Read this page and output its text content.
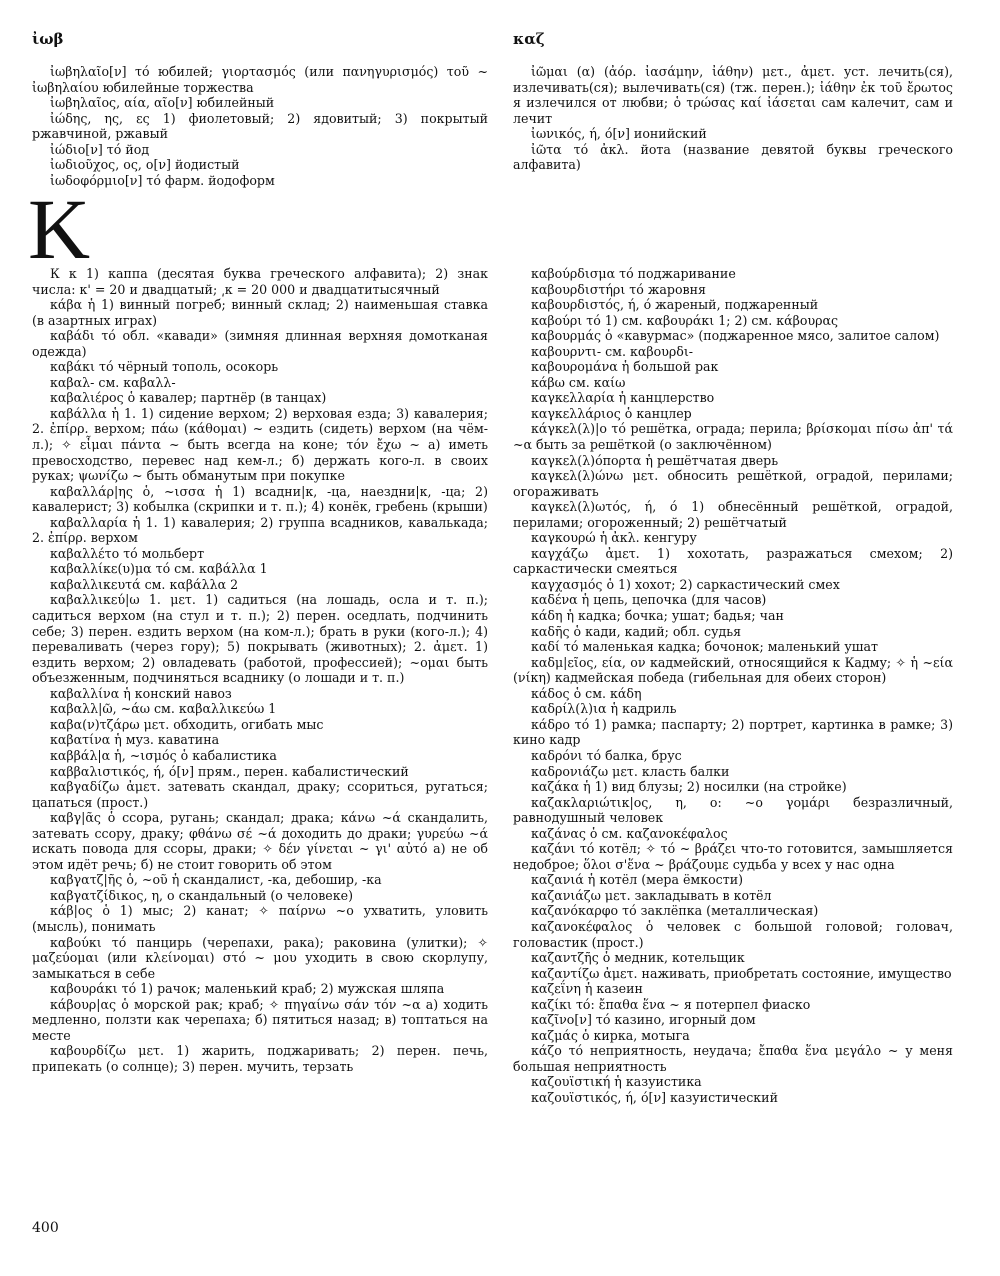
ἰωβ	καζ

ἰωβηλαῖο[ν] τό юбилей; γιορτασμός (или πανηγυρισμός) τοῦ ~ ἰωβηλαίου юбилейные торжества

ἰωβηλαῖος, αία, αῖο[ν] юбилейный

ἰώδης, ης, ες 1) фиолетовый; 2) ядовитый; 3) покрытый ржавчиной, ржавый

ἰώδιο[ν] τό йод

ἰωδιοῦχος, ος, ο[ν] йодистый

ἰωδοφόρμιο[ν] τό фарм. йодоформ

ἰῶμαι (α) (ἀόρ. ἰασάμην, ἰάθην) μετ., ἀμετ. уст. лечить(ся), излечивать(ся); вылечивать(ся) (тж. перен.); ἰάθην ἐκ τοῦ ἔρωτος я излечился от любви; ὁ τρώσας καί ἰάσεται сам калечит, сам и лечит

ἰωνικός, ή, ό[ν] ионийский

ἰῶτα τό ἀκλ. йота (название девятой буквы греческого алфавита)

K

К к 1) каппа (десятая буква греческого алфавита); 2) знак числа: κ' = 20 и двадцатый; ͵κ = 20 000 и двадцатитысячный

κάβα ἡ 1) винный погреб; винный склад; 2) наименьшая ставка (в азартных играх)

καβάδι τό обл. «кавади» (зимняя длинная верхняя домотканая одежда)

καβάκι τό чёрный тополь, осокорь

καβαλ- см. καβαλλ-

καβαλιέρος ὁ кавалер; партнёр (в танцах)

καβάλλα ἡ 1. 1) сидение верхом; 2) верховая езда; 3) кавалерия; 2. ἐπίρρ. верхом; πάω (κάθομαι) ~ ездить (сидеть) верхом (на чём-л.); ✧ εἶμαι πάντα ~ быть всегда на коне; τόν ἔχω ~ а) иметь превосходство, перевес над кем-л.; б) держать кого-л. в своих руках; ψωνίζω ~ быть обманутым при покупке

καβαλλάρ|ης ὁ, ~ισσα ἡ 1) всадни|к, -ца, наездни|к, -ца; 2) кавалерист; 3) кобылка (скрипки и т. п.); 4) конёк, гребень (крыши)

καβαλλαρία ἡ 1. 1) кавалерия; 2) группа всадников, кавалькада; 2. ἐπίρρ. верхом

καβαλλέτο τό мольберт

καβαλλίκε(υ)μα τό см. καβάλλα 1

καβαλλικευτά см. καβάλλα 2

καβαλλικεύ|ω 1. μετ. 1) садиться (на лошадь, осла и т. п.); садиться верхом (на стул и т. п.); 2) перен. оседлать, подчинить себе; 3) перен. ездить верхом (на ком-л.); брать в руки (кого-л.); 4) переваливать (через гору); 5) покрывать (животных); 2. ἀμετ. 1) ездить верхом; 2) овладевать (работой, профессией); ~ομαι быть объезженным, подчиняться всаднику (о лошади и т. п.)

καβαλλίνα ἡ конский навоз

καβαλλ|ῶ, ~άω см. καβαλλικεύω 1

καβα(ν)τζάρω μετ. обходить, огибать мыс

καβατίνα ἡ муз. каватина

καββάλ|α ἡ, ~ισμός ὁ кабалистика

καββαλιστικός, ή, ό[ν] прям., перен. кабалистический

καβγαδίζω ἀμετ. затевать скандал, драку; ссориться, ругаться; цапаться (прост.)

καβγ|ᾶς ὁ ссора, ругань; скандал; драка; κάνω ~ά скандалить, затевать ссору, драку; φθάνω σέ ~ά доходить до драки; γυρεύω ~ά искать повода для ссоры, драки; ✧ δέν γίνεται ~ γι' αὐτό а) не об этом идёт речь; б) не стоит говорить об этом

καβγατζ|ῆς ὁ, ~οῦ ἡ скандалист, -ка, дебошир, -ка

καβγατζίδικος, η, ο скандальный (о человеке)

κάβ|ος ὁ 1) мыс; 2) канат; ✧ παίρνω ~ο ухватить, уловить (мысль), понимать

καβούκι τό панцирь (черепахи, рака); раковина (улитки); ✧ μαζεύομαι (или κλείνομαι) στό ~ μου уходить в свою скорлупу, замыкаться в себе

καβουράκι τό 1) рачок; маленький краб; 2) мужская шляпа

κάβουρ|ας ὁ морской рак; краб; ✧ πηγαίνω σάν τόν ~α а) ходить медленно, ползти как черепаха; б) пятиться назад; в) топтаться на месте

καβουρδίζω μετ. 1) жарить, поджаривать; 2) перен. печь, припекать (о солнце); 3) перен. мучить, терзать

καβούρδισμα τό поджаривание

καβουρδιστήρι τό жаровня

καβουρδιστός, ή, ό жареный, поджаренный

καβούρι τό 1) см. καβουράκι 1; 2) см. κάβουρας

καβουρμάς ὁ «кавурмас» (поджаренное мясо, залитое салом)

καβουρντι- см. καβουρδι-

καβουρομάνα ἡ большой рак

κάβω см. καίω

καγκελλαρία ἡ канцлерство

καγκελλάριος ὁ канцлер

κάγκελ(λ)|ο τό решётка, ограда; перила; βρίσκομαι πίσω ἀπ' τά ~α быть за решёткой (о заключённом)

καγκελ(λ)όπορτα ἡ решётчатая дверь

καγκελ(λ)ώνω μετ. обносить решёткой, оградой, перилами; огораживать

καγκελ(λ)ωτός, ή, ό 1) обнесённый решёткой, оградой, перилами; огороженный; 2) решётчатый

καγκουρώ ἡ ἀκλ. кенгуру

καγχάζω ἀμετ. 1) хохотать, разражаться смехом; 2) саркастически смеяться

καγχασμός ὁ 1) хохот; 2) саркастический смех

καδένα ἡ цепь, цепочка (для часов)

κάδη ἡ кадка; бочка; ушат; бадья; чан

καδῆς ὁ кади, кадий; обл. судья

καδί τό маленькая кадка; бочонок; маленький ушат

καδμ|εῖος, εία, ον кадмейский, относящийся к Кадму; ✧ ἡ ~εία (νίκη) кадмейская победа (гибельная для обеих сторон)

κάδος ὁ см. κάδη

καδρίλ(λ)ια ἡ кадриль

κάδρο τό 1) рамка; паспарту; 2) портрет, картинка в рамке; 3) кино кадр

καδρόνι τό балка, брус

καδρονιάζω μετ. класть балки

καζάκα ἡ 1) вид блузы; 2) носилки (на стройке)

καζακλαριώτικ|ος, η, ο: ~ο γομάρι безразличный, равнодушный человек

καζάνας ὁ см. καζανοκέφαλος

καζάνι τό котёл; ✧ τό ~ βράζει что-то готовится, замышляется недоброе; ὅλοι σ'ἕνα ~ βράζουμε судьба у всех у нас одна

καζανιά ἡ котёл (мера ёмкости)

καζανιάζω μετ. закладывать в котёл

καζανόκαρφο τό заклёпка (металлическая)

καζανοκέφαλος ὁ человек с большой головой; головач, головастик (прост.)

καζαντζῆς ὁ медник, котельщик

καζαντίζω ἀμετ. наживать, приобретать состояние, имущество

καζεΐνη ἡ казеин

καζίκι τό: ἔπαθα ἕνα ~ я потерпел фиаско

καζῖνο[ν] τό казино, игорный дом

καζμάς ὁ кирка, мотыга

κάζο τό неприятность, неудача; ἔπαθα ἕνα μεγάλο ~ у меня большая неприятность

καζουϊστική ἡ казуистика

καζουϊστικός, ή, ό[ν] казуистический

400
